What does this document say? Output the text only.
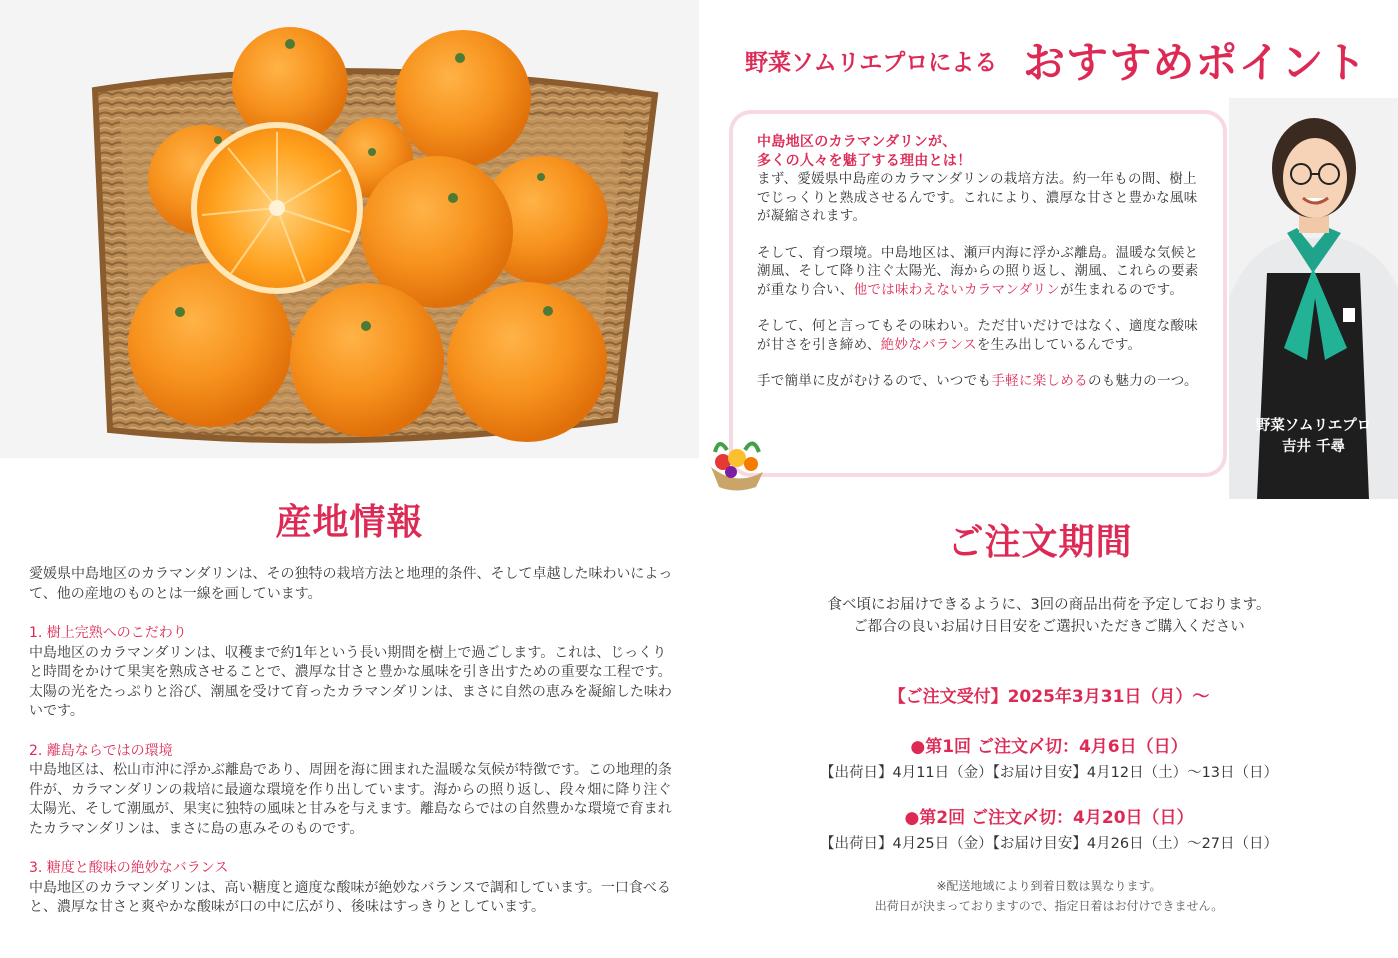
産地情報

愛媛県中島地区のカラマンダリンは、その独特の栽培方法と地理的条件、そして卓越した味わいによって、他の産地のものとは一線を画しています。

1. 樹上完熟へのこだわり

中島地区のカラマンダリンは、収穫まで約1年という長い期間を樹上で過ごします。これは、じっくりと時間をかけて果実を熟成させることで、濃厚な甘さと豊かな風味を引き出すための重要な工程です。太陽の光をたっぷりと浴び、潮風を受けて育ったカラマンダリンは、まさに自然の恵みを凝縮した味わいです。

2. 離島ならではの環境

中島地区は、松山市沖に浮かぶ離島であり、周囲を海に囲まれた温暖な気候が特徴です。この地理的条件が、カラマンダリンの栽培に最適な環境を作り出しています。海からの照り返し、段々畑に降り注ぐ太陽光、そして潮風が、果実に独特の風味と甘みを与えます。離島ならではの自然豊かな環境で育まれたカラマンダリンは、まさに島の恵みそのものです。

3. 糖度と酸味の絶妙なバランス

中島地区のカラマンダリンは、高い糖度と適度な酸味が絶妙なバランスで調和しています。一口食べると、濃厚な甘さと爽やかな酸味が口の中に広がり、後味はすっきりとしています。

野菜ソムリエプロによる おすすめポイント
中島地区のカラマンダリンが、
多くの人々を魅了する理由とは！

まず、愛媛県中島産のカラマンダリンの栽培方法。約一年もの間、樹上でじっくりと熟成させるんです。これにより、濃厚な甘さと豊かな風味が凝縮されます。

そして、育つ環境。中島地区は、瀬戸内海に浮かぶ離島。温暖な気候と潮風、そして降り注ぐ太陽光、海からの照り返し、潮風、これらの要素が重なり合い、他では味わえないカラマンダリンが生まれるのです。

そして、何と言ってもその味わい。ただ甘いだけではなく、適度な酸味が甘さを引き締め、絶妙なバランスを生み出しているんです。

手で簡単に皮がむけるので、いつでも手軽に楽しめるのも魅力の一つ。

野菜ソムリエプロ
吉井 千尋
ご注文期間
食べ頃にお届けできるように、3回の商品出荷を予定しております。
ご都合の良いお届け日目安をご選択いただきご購入ください
【ご注文受付】2025年3月31日（月）〜
●第1回 ご注文〆切：4月6日（日）
【出荷日】4月11日（金）【お届け目安】4月12日（土）〜13日（日）
●第2回 ご注文〆切：4月20日（日）
【出荷日】4月25日（金）【お届け目安】4月26日（土）〜27日（日）
※配送地域により到着日数は異なります。
出荷日が決まっておりますので、指定日着はお付けできません。
